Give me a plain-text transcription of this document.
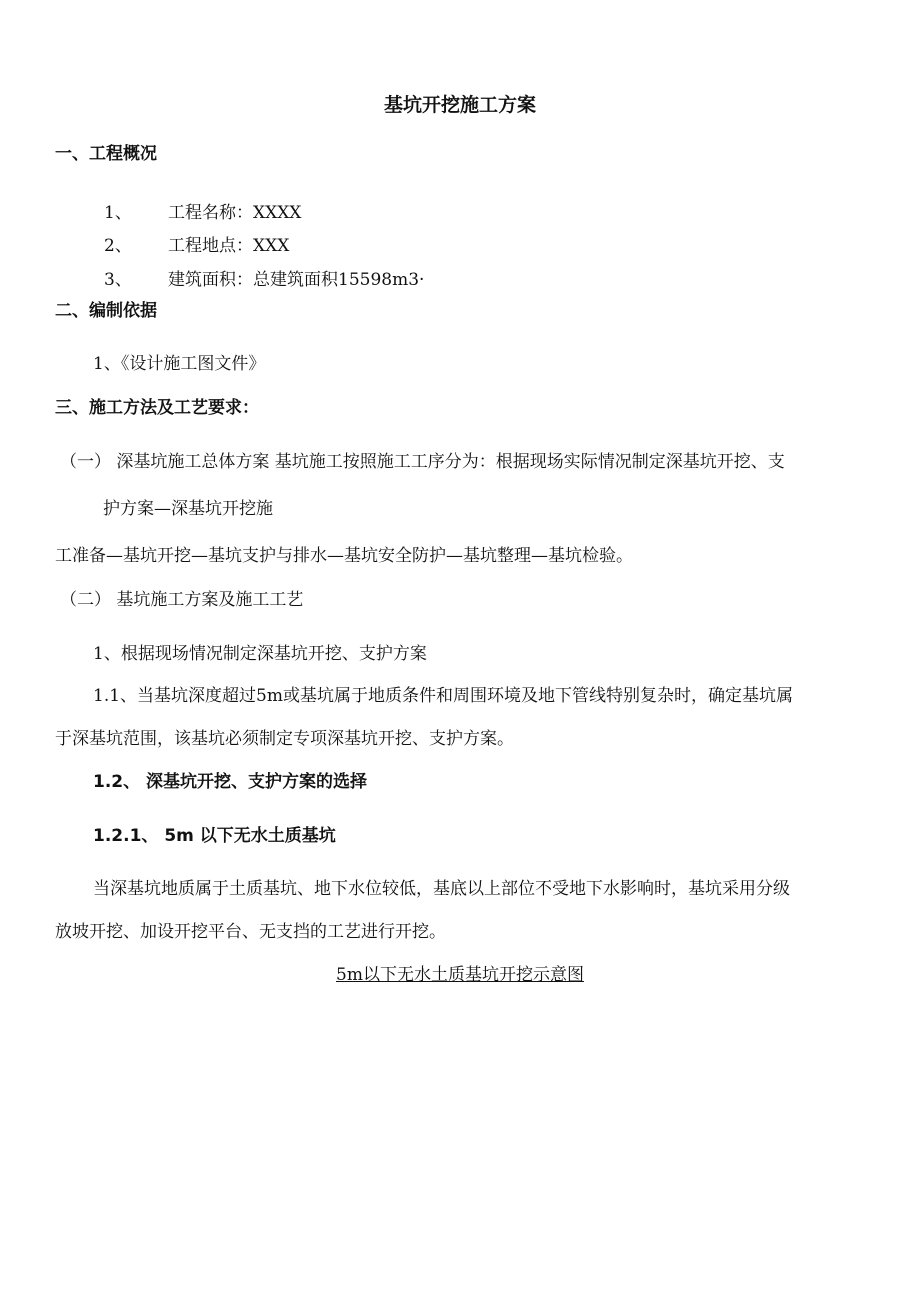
基坑开挖施工方案
一、工程概况
1、 工程名称：XXXX
2、 工程地点：XXX
3、 建筑面积：总建筑面积15598m3·
二、编制依据
1、《设计施工图文件》
三、施工方法及工艺要求：
（一） 深基坑施工总体方案 基坑施工按照施工工序分为：根据现场实际情况制定深基坑开挖、支
护方案—深基坑开挖施
工准备—基坑开挖—基坑支护与排水—基坑安全防护—基坑整理—基坑检验。
（二） 基坑施工方案及施工工艺
1、根据现场情况制定深基坑开挖、支护方案
1.1、当基坑深度超过5m或基坑属于地质条件和周围环境及地下管线特别复杂时，确定基坑属
于深基坑范围，该基坑必须制定专项深基坑开挖、支护方案。
1.2、 深基坑开挖、支护方案的选择
1.2.1、 5m 以下无水土质基坑
当深基坑地质属于土质基坑、地下水位较低，基底以上部位不受地下水影响时，基坑采用分级
放坡开挖、加设开挖平台、无支挡的工艺进行开挖。
5m以下无水土质基坑开挖示意图
